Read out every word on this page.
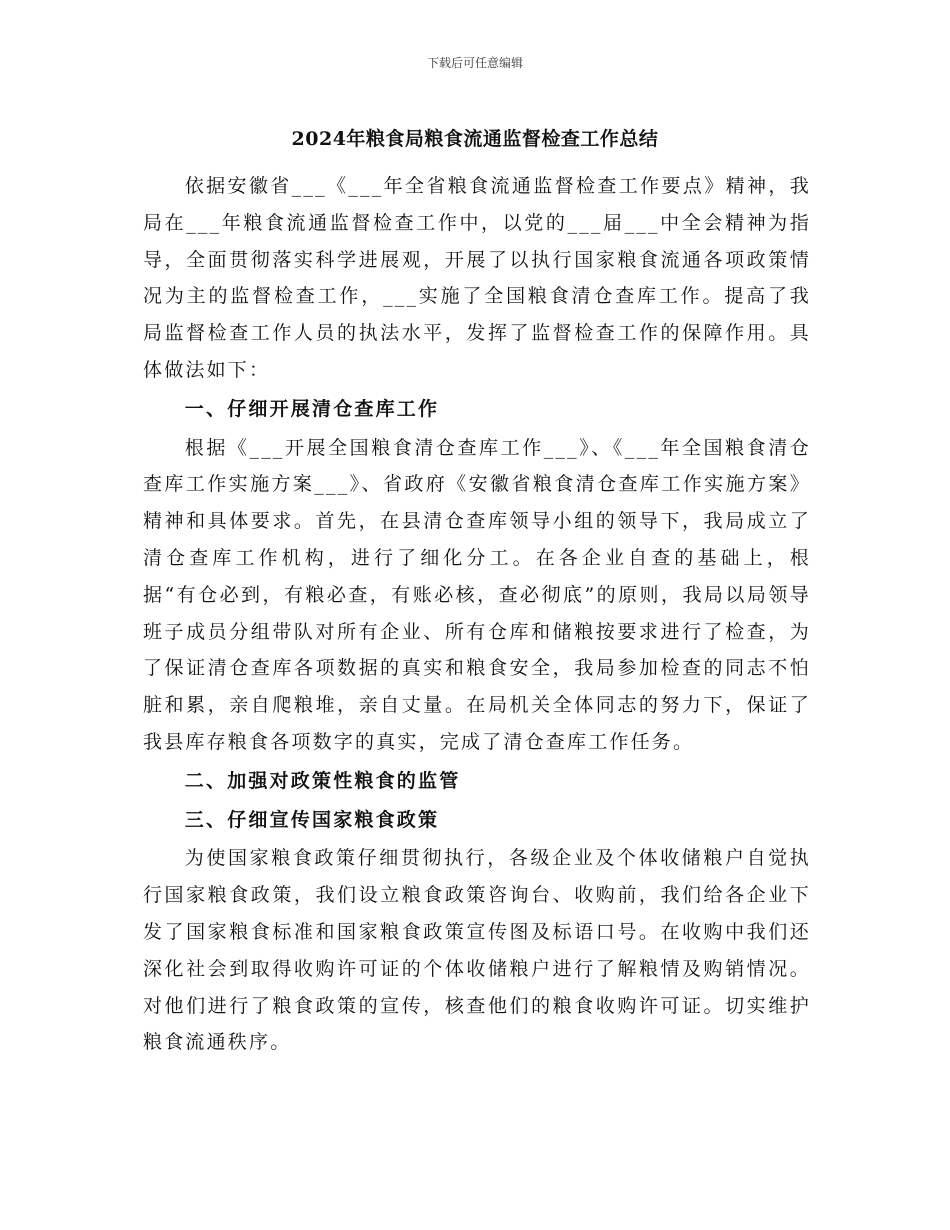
下载后可任意编辑
2024年粮食局粮食流通监督检查工作总结

依据安徽省___《___年全省粮食流通监督检查工作要点》精神，我局在___年粮食流通监督检查工作中，以党的___届___中全会精神为指导，全面贯彻落实科学进展观，开展了以执行国家粮食流通各项政策情况为主的监督检查工作，___实施了全国粮食清仓查库工作。提高了我局监督检查工作人员的执法水平，发挥了监督检查工作的保障作用。具体做法如下：

一、仔细开展清仓查库工作

根据《___开展全国粮食清仓查库工作___》、《___年全国粮食清仓查库工作实施方案___》、省政府《安徽省粮食清仓查库工作实施方案》精神和具体要求。首先，在县清仓查库领导小组的领导下，我局成立了清仓查库工作机构，进行了细化分工。在各企业自查的基础上，根据“有仓必到，有粮必查，有账必核，查必彻底”的原则，我局以局领导班子成员分组带队对所有企业、所有仓库和储粮按要求进行了检查，为了保证清仓查库各项数据的真实和粮食安全，我局参加检查的同志不怕脏和累，亲自爬粮堆，亲自丈量。在局机关全体同志的努力下，保证了我县库存粮食各项数字的真实，完成了清仓查库工作任务。

二、加强对政策性粮食的监管

三、仔细宣传国家粮食政策

为使国家粮食政策仔细贯彻执行，各级企业及个体收储粮户自觉执行国家粮食政策，我们设立粮食政策咨询台、收购前，我们给各企业下发了国家粮食标准和国家粮食政策宣传图及标语口号。在收购中我们还深化社会到取得收购许可证的个体收储粮户进行了解粮情及购销情况。对他们进行了粮食政策的宣传，核查他们的粮食收购许可证。切实维护粮食流通秩序。
